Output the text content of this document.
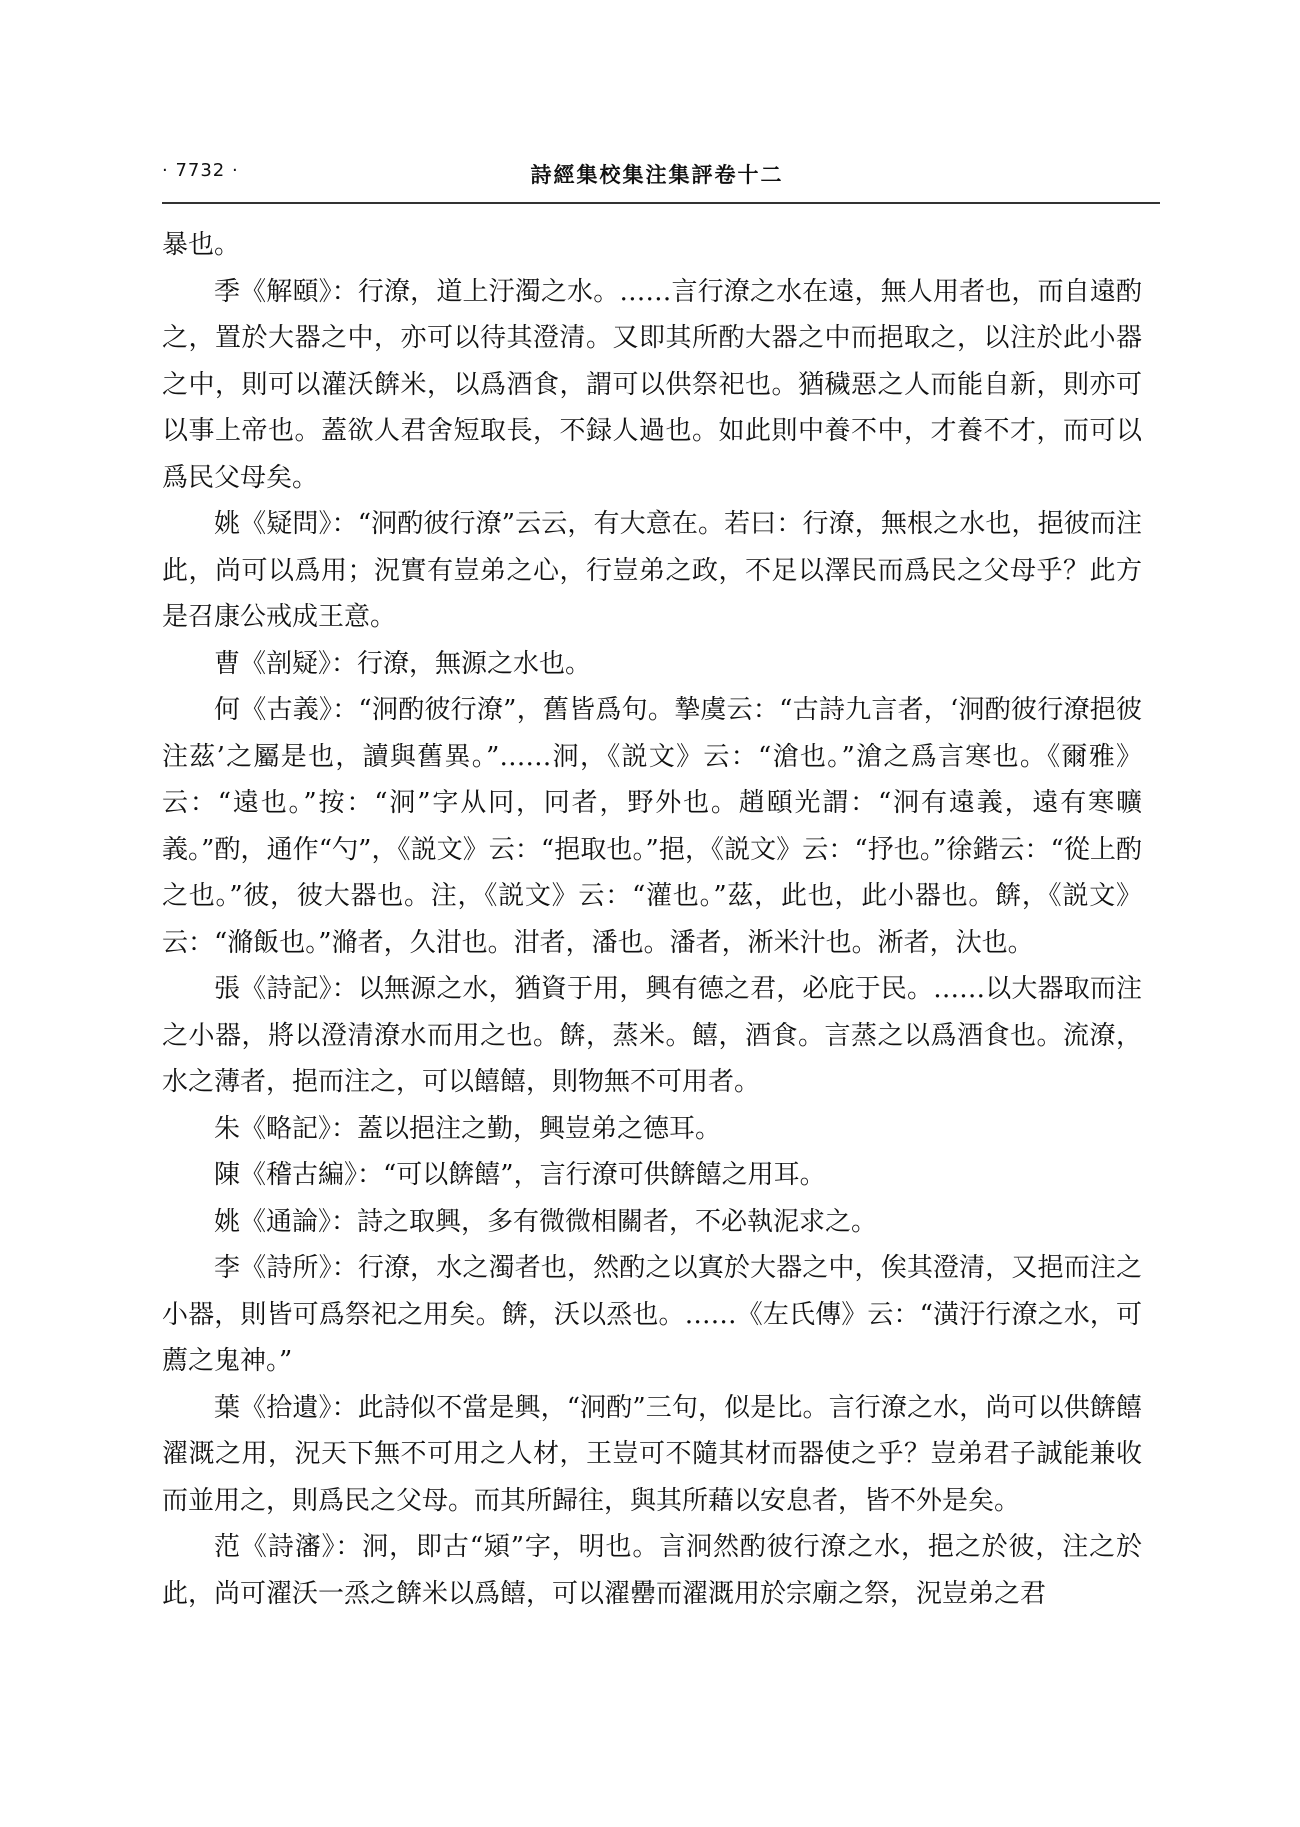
· 7732 ·	詩經集校集注集評卷十二

暴也。

季《解頤》：行潦，道上汙濁之水。……言行潦之水在遠，無人用者也，而自遠酌之，置於大器之中，亦可以待其澄清。又即其所酌大器之中而挹取之，以注於此小器之中，則可以灌沃餴米，以爲酒食，謂可以供祭祀也。猶穢惡之人而能自新，則亦可以事上帝也。蓋欲人君舍短取長，不録人過也。如此則中養不中，才養不才，而可以爲民父母矣。

姚《疑問》：“泂酌彼行潦”云云，有大意在。若曰：行潦，無根之水也，挹彼而注此，尚可以爲用；況實有豈弟之心，行豈弟之政，不足以澤民而爲民之父母乎？此方是召康公戒成王意。

曹《剖疑》：行潦，無源之水也。

何《古義》：“泂酌彼行潦”，舊皆爲句。摯虞云：“古詩九言者，‘泂酌彼行潦挹彼注茲’之屬是也，讀與舊異。”……泂，《説文》云：“滄也。”滄之爲言寒也。《爾雅》云：“遠也。”按：“泂”字从冋，冋者，野外也。趙頤光謂：“泂有遠義，遠有寒曠義。”酌，通作“勺”，《説文》云：“挹取也。”挹，《説文》云：“抒也。”徐鍇云：“從上酌之也。”彼，彼大器也。注，《説文》云：“灌也。”茲，此也，此小器也。餴，《説文》云：“滫飯也。”滫者，久泔也。泔者，潘也。潘者，淅米汁也。淅者，汏也。

張《詩記》：以無源之水，猶資于用，興有德之君，必庇于民。……以大器取而注之小器，將以澄清潦水而用之也。餴，蒸米。饎，酒食。言蒸之以爲酒食也。流潦，水之薄者，挹而注之，可以饎饎，則物無不可用者。

朱《略記》：蓋以挹注之勤，興豈弟之德耳。

陳《稽古編》：“可以餴饎”，言行潦可供餴饎之用耳。

姚《通論》：詩之取興，多有微微相關者，不必執泥求之。

李《詩所》：行潦，水之濁者也，然酌之以寘於大器之中，俟其澄清，又挹而注之小器，則皆可爲祭祀之用矣。餴，沃以烝也。……《左氏傳》云：“潢汙行潦之水，可薦之鬼神。”

葉《拾遺》：此詩似不當是興，“泂酌”三句，似是比。言行潦之水，尚可以供餴饎濯溉之用，況天下無不可用之人材，王豈可不隨其材而器使之乎？豈弟君子誠能兼收而並用之，則爲民之父母。而其所歸往，與其所藉以安息者，皆不外是矣。

范《詩瀋》：泂，即古“熲”字，明也。言泂然酌彼行潦之水，挹之於彼，注之於此，尚可濯沃一烝之餴米以爲饎，可以濯罍而濯溉用於宗廟之祭，況豈弟之君
